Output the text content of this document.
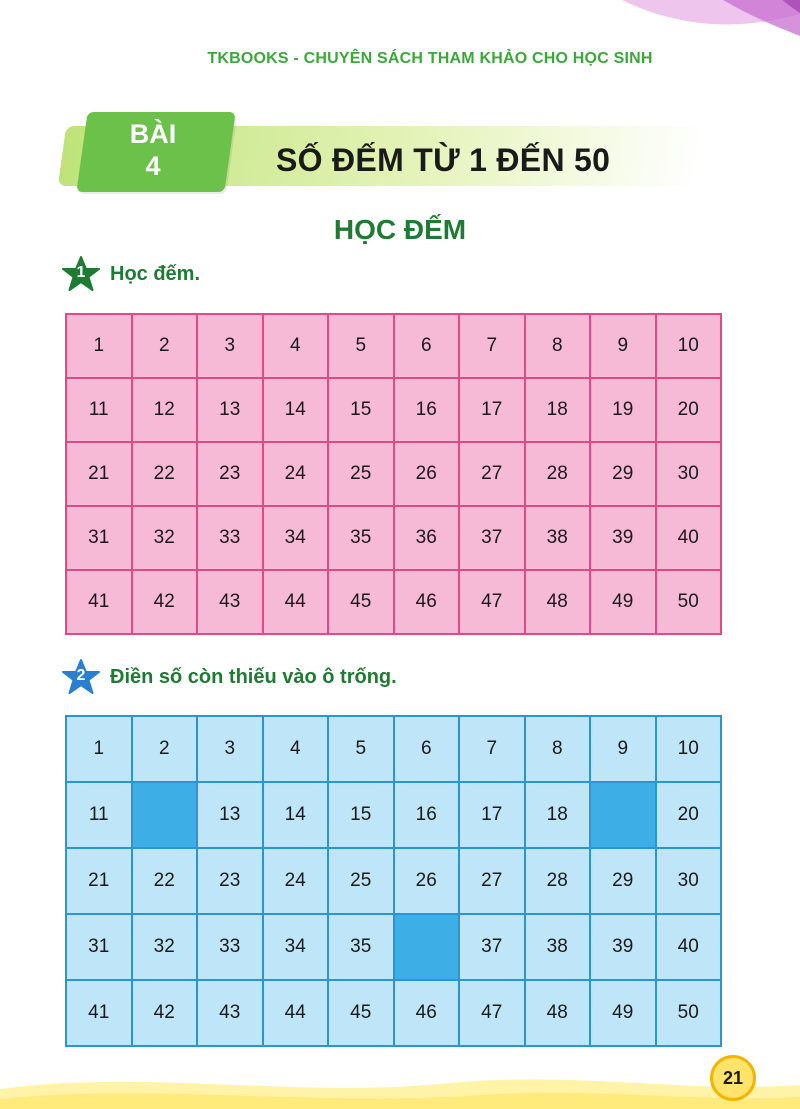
TKBOOKS - CHUYÊN SÁCH THAM KHẢO CHO HỌC SINH
BÀI
4	SỐ ĐẾM TỪ 1 ĐẾN 50
HỌC ĐẾM
1	Học đếm.
1	2	3	4	5	6	7	8	9	10
11	12	13	14	15	16	17	18	19	20
21	22	23	24	25	26	27	28	29	30
31	32	33	34	35	36	37	38	39	40
41	42	43	44	45	46	47	48	49	50
2	Điền số còn thiếu vào ô trống.
1	2	3	4	5	6	7	8	9	10
11		13	14	15	16	17	18		20
21	22	23	24	25	26	27	28	29	30
31	32	33	34	35		37	38	39	40
41	42	43	44	45	46	47	48	49	50
21
